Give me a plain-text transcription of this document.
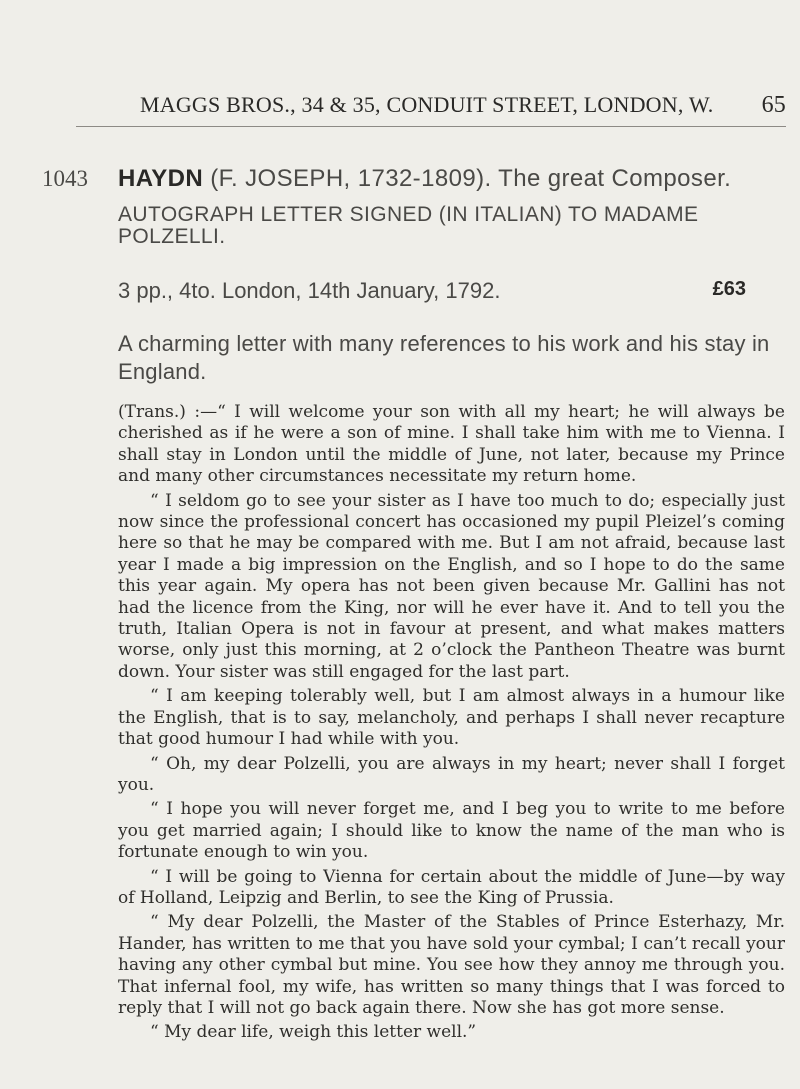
MAGGS BROS., 34 & 35, CONDUIT STREET, LONDON, W. 65
1043 HAYDN (F. JOSEPH, 1732-1809). The great Composer.
AUTOGRAPH LETTER SIGNED (IN ITALIAN) TO MADAME POLZELLI.
3 pp., 4to. London, 14th January, 1792.	£63
A charming letter with many references to his work and his stay in England.

(Trans.) :—“ I will welcome your son with all my heart; he will always be cherished as if he were a son of mine. I shall take him with me to Vienna. I shall stay in London until the middle of June, not later, because my Prince and many other circumstances necessitate my return home.

“ I seldom go to see your sister as I have too much to do; especially just now since the professional concert has occasioned my pupil Pleizel’s coming here so that he may be compared with me. But I am not afraid, because last year I made a big impression on the English, and so I hope to do the same this year again. My opera has not been given because Mr. Gallini has not had the licence from the King, nor will he ever have it. And to tell you the truth, Italian Opera is not in favour at present, and what makes matters worse, only just this morning, at 2 o’clock the Pantheon Theatre was burnt down. Your sister was still engaged for the last part.

“ I am keeping tolerably well, but I am almost always in a humour like the English, that is to say, melancholy, and perhaps I shall never recapture that good humour I had while with you.

“ Oh, my dear Polzelli, you are always in my heart; never shall I forget you.

“ I hope you will never forget me, and I beg you to write to me before you get married again; I should like to know the name of the man who is fortunate enough to win you.

“ I will be going to Vienna for certain about the middle of June—by way of Holland, Leipzig and Berlin, to see the King of Prussia.

“ My dear Polzelli, the Master of the Stables of Prince Esterhazy, Mr. Hander, has written to me that you have sold your cymbal; I can’t recall your having any other cymbal but mine. You see how they annoy me through you. That infernal fool, my wife, has written so many things that I was forced to reply that I will not go back again there. Now she has got more sense.

“ My dear life, weigh this letter well.”
